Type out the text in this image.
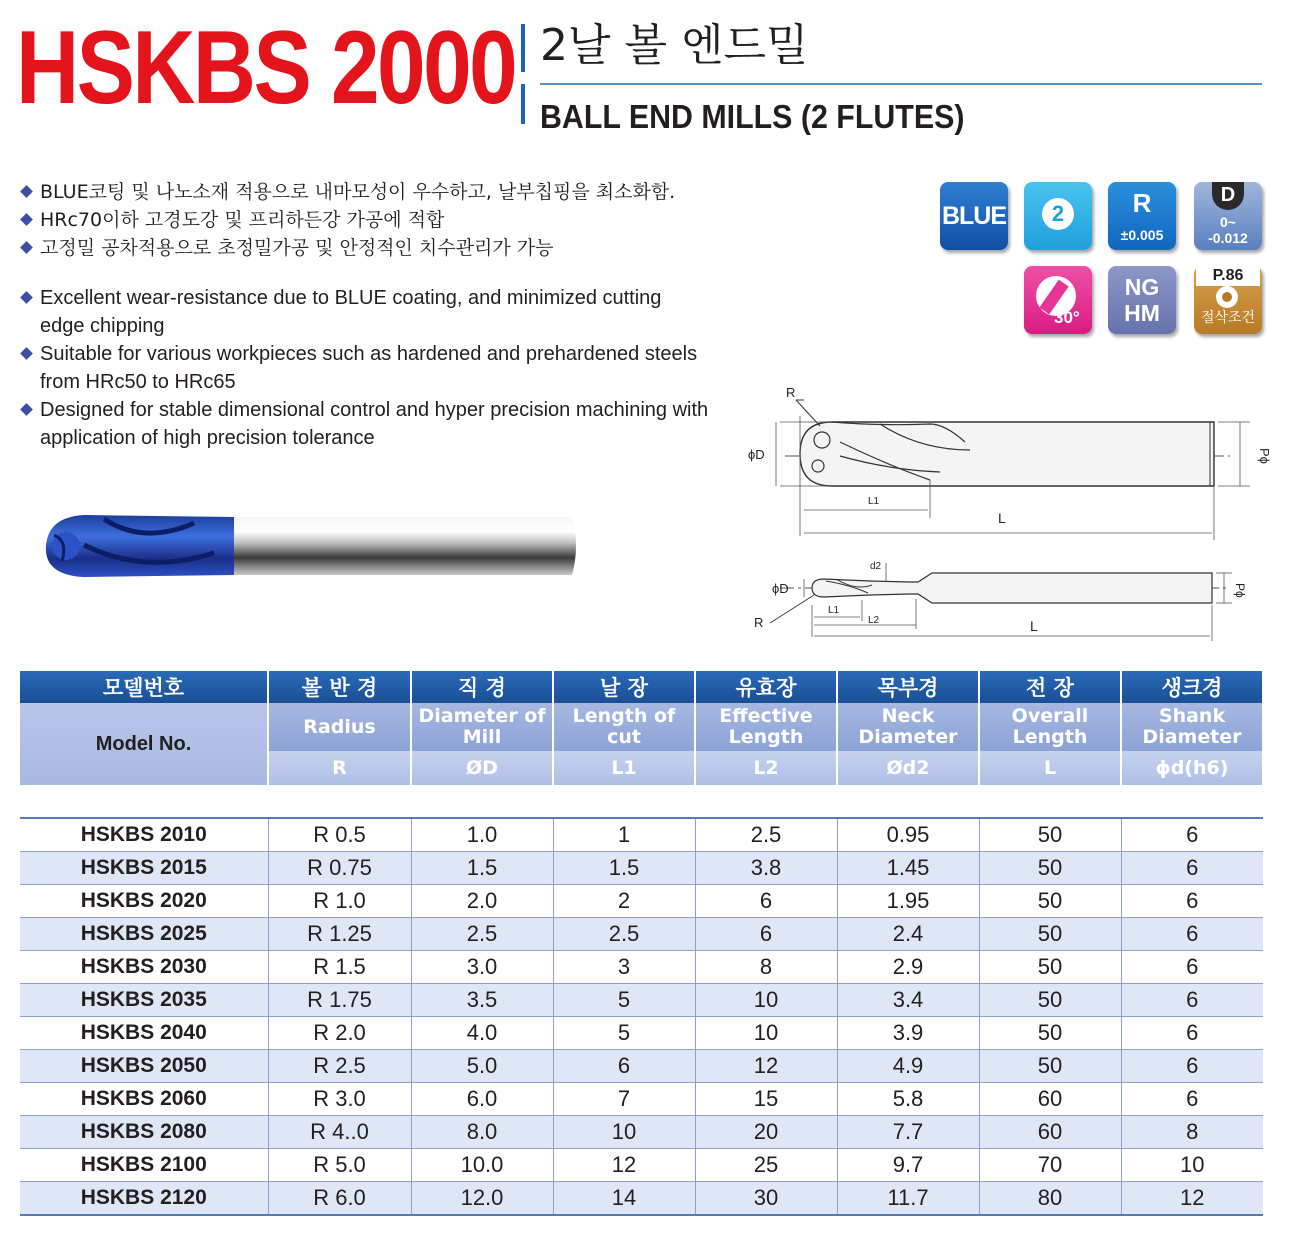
HSKBS 2000 2날 볼 엔드밀
BALL END MILLS (2 FLUTES)
BLUE코팅 및 나노소재 적용으로 내마모성이 우수하고, 날부칩핑을 최소화함.
HRc70이하 고경도강 및 프리하든강 가공에 적합
고정밀 공차적용으로 초정밀가공 및 안정적인 치수관리가 가능
Excellent wear-resistance due to BLUE coating, and minimized cutting edge chipping
Suitable for various workpieces such as hardened and prehardened steels from HRc50 to HRc65
Designed for stable dimensional control and hyper precision machining with application of high precision tolerance
BLUE	2	R
±0.005
D
0~
-0.012
30°
NG
HM
P.86
절삭조건
R
ϕD
L1
L
Pϕ
d2
ϕD
L1
L2	L
R
Pϕ
모델번호	볼 반 경	직 경	날 장	유효장	목부경	전 장	생크경
Model No.	Radius	Diameter of Mill	Length of cut	Effective Length	Neck Diameter	Overall Length	Shank Diameter
	R	ØD	L1	L2	Ød2	L	ϕd(h6)

HSKBS 2010	R 0.5	1.0	1	2.5	0.95	50	6
HSKBS 2015	R 0.75	1.5	1.5	3.8	1.45	50	6
HSKBS 2020	R 1.0	2.0	2	6	1.95	50	6
HSKBS 2025	R 1.25	2.5	2.5	6	2.4	50	6
HSKBS 2030	R 1.5	3.0	3	8	2.9	50	6
HSKBS 2035	R 1.75	3.5	5	10	3.4	50	6
HSKBS 2040	R 2.0	4.0	5	10	3.9	50	6
HSKBS 2050	R 2.5	5.0	6	12	4.9	50	6
HSKBS 2060	R 3.0	6.0	7	15	5.8	60	6
HSKBS 2080	R 4..0	8.0	10	20	7.7	60	8
HSKBS 2100	R 5.0	10.0	12	25	9.7	70	10
HSKBS 2120	R 6.0	12.0	14	30	11.7	80	12
